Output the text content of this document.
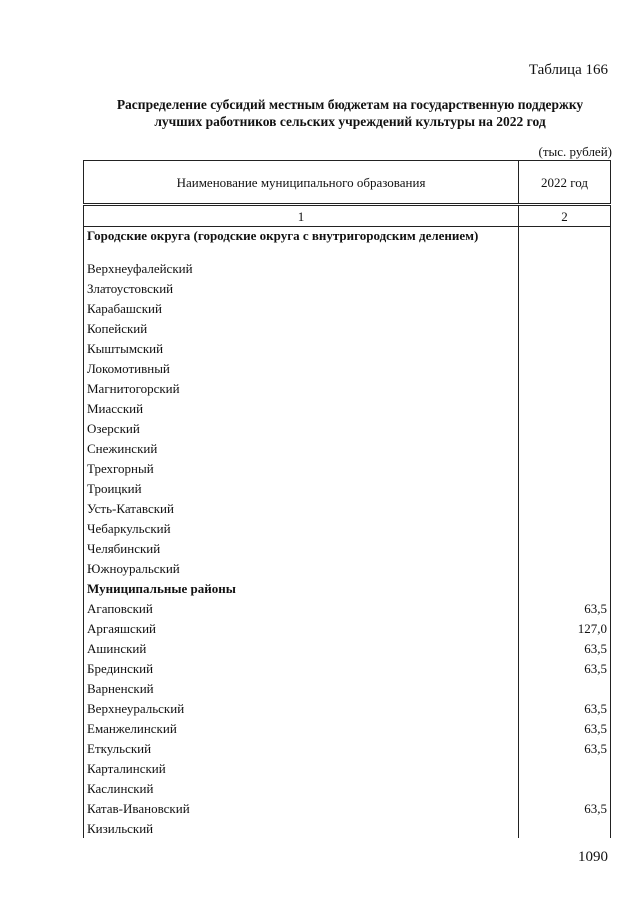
Таблица 166
Распределение субсидий местным бюджетам на государственную поддержку
лучших работников сельских учреждений культуры на 2022 год
(тыс. рублей)
Наименование муниципального образования	2022 год
1	2
Городские округа (городские округа с внутригородским делением)	
Верхнеуфалейский	
Златоустовский	
Карабашский	
Копейский	
Кыштымский	
Локомотивный	
Магнитогорский	
Миасский	
Озерский	
Снежинский	
Трехгорный	
Троицкий	
Усть-Катавский	
Чебаркульский	
Челябинский	
Южноуральский	
Муниципальные районы	
Агаповский	63,5
Аргаяшский	127,0
Ашинский	63,5
Брединский	63,5
Варненский	
Верхнеуральский	63,5
Еманжелинский	63,5
Еткульский	63,5
Карталинский	
Каслинский	
Катав-Ивановский	63,5
Кизильский	
1090
